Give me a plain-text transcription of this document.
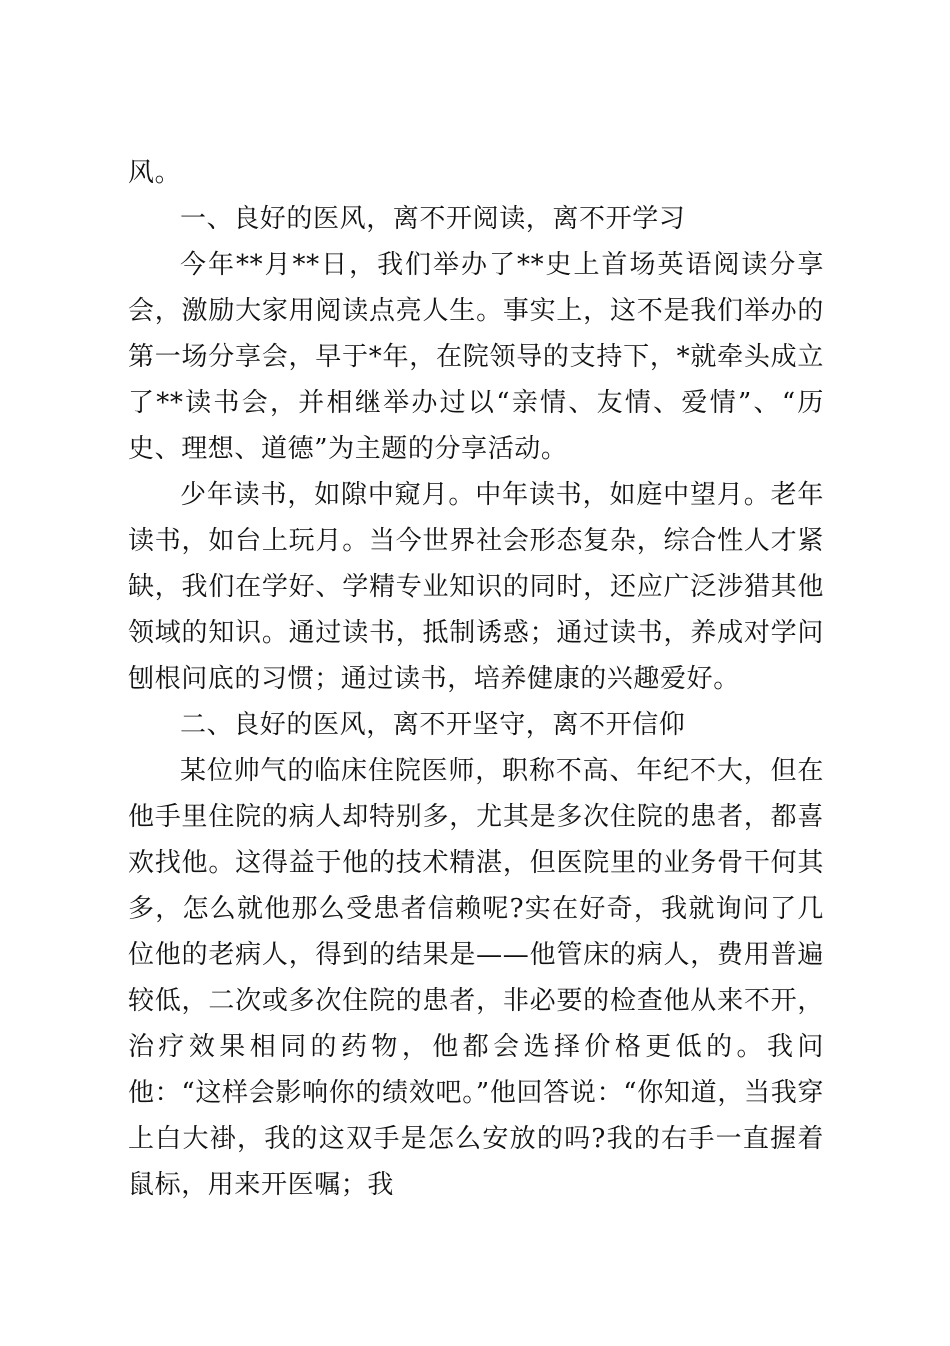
风。

一、良好的医风，离不开阅读，离不开学习

今年**月**日，我们举办了**史上首场英语阅读分享会，激励大家用阅读点亮人生。事实上，这不是我们举办的第一场分享会，早于*年，在院领导的支持下，*就牵头成立了**读书会，并相继举办过以“亲情、友情、爱情”、“历史、理想、道德”为主题的分享活动。

少年读书，如隙中窥月。中年读书，如庭中望月。老年读书，如台上玩月。当今世界社会形态复杂，综合性人才紧缺，我们在学好、学精专业知识的同时，还应广泛涉猎其他领域的知识。通过读书，抵制诱惑；通过读书，养成对学问刨根问底的习惯；通过读书，培养健康的兴趣爱好。

二、良好的医风，离不开坚守，离不开信仰

某位帅气的临床住院医师，职称不高、年纪不大，但在他手里住院的病人却特别多，尤其是多次住院的患者，都喜欢找他。这得益于他的技术精湛，但医院里的业务骨干何其多，怎么就他那么受患者信赖呢?实在好奇，我就询问了几位他的老病人，得到的结果是——他管床的病人，费用普遍较低，二次或多次住院的患者，非必要的检查他从来不开，治疗效果相同的药物，他都会选择价格更低的。我问他：“这样会影响你的绩效吧。”他回答说：“你知道，当我穿上白大褂，我的这双手是怎么安放的吗?我的右手一直握着鼠标，用来开医嘱；我
